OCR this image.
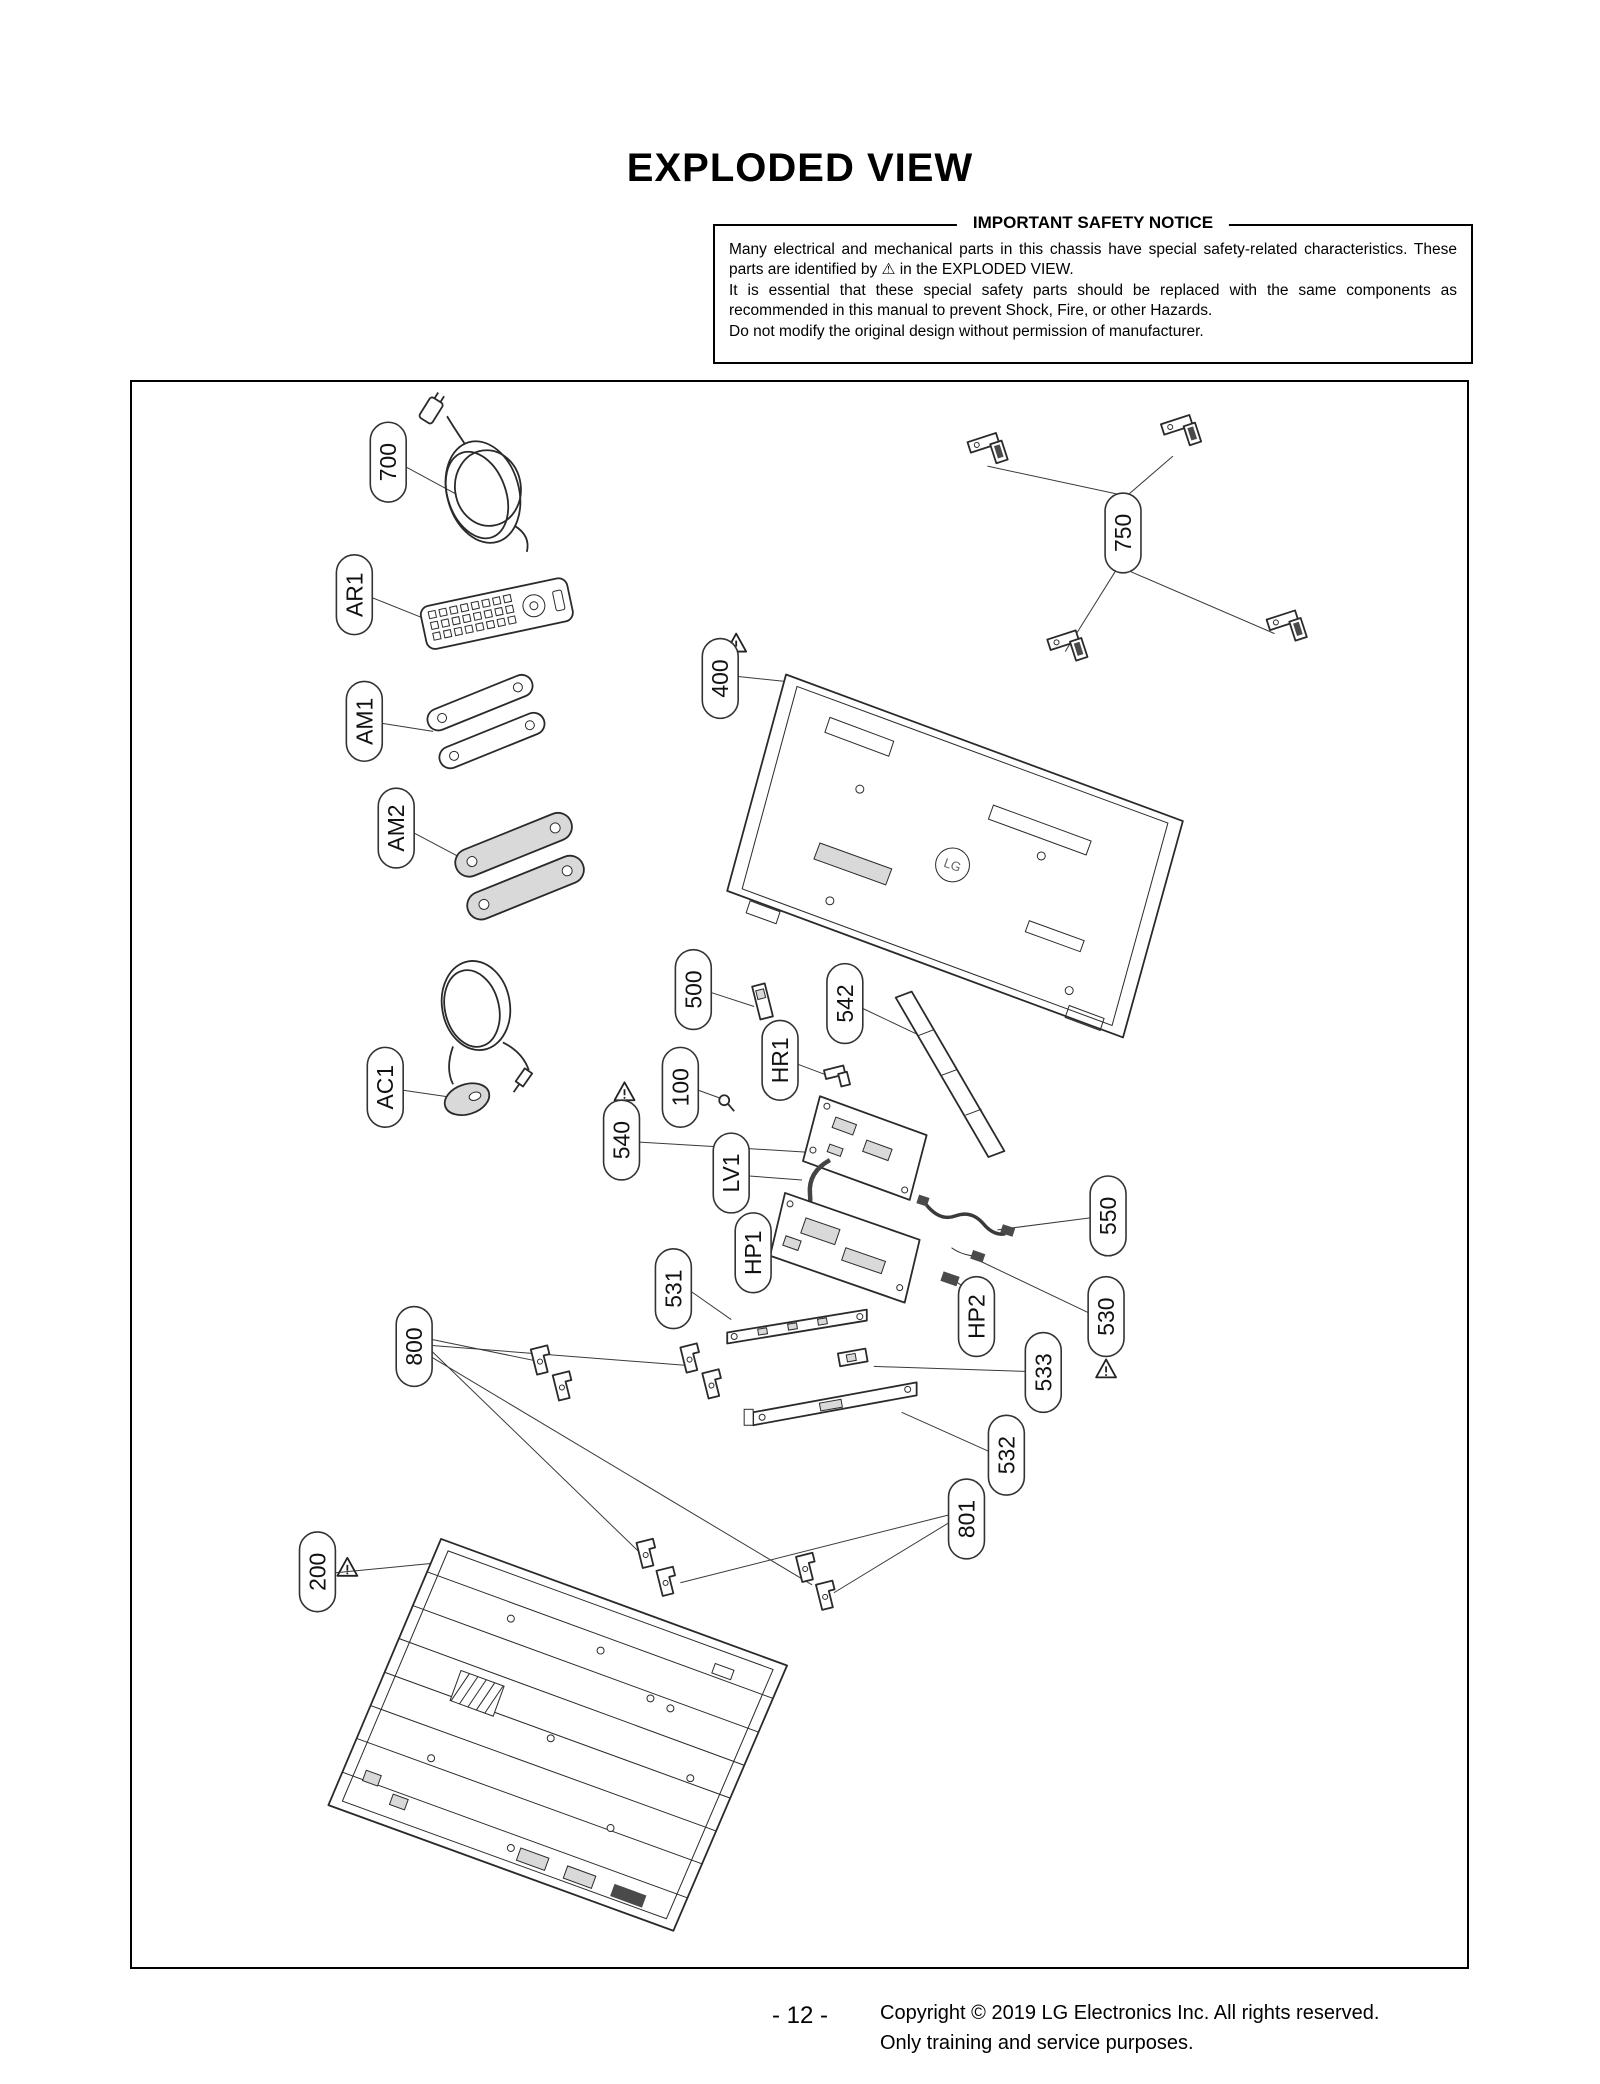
EXPLODED VIEW
IMPORTANT SAFETY NOTICE

Many electrical and mechanical parts in this chassis have special safety-related characteristics. These parts are identified by ⚠ in the EXPLODED VIEW.

It is essential that these special safety parts should be replaced with the same components as recommended in this manual to prevent Shock, Fire, or other Hazards.

Do not modify the original design without permission of manufacturer.

LG
700
AR1
AM1
AM2
AC1
400
750
500	542
HR1
100
540
LV1
HP1
550
HP2	530
533
531
800
532
801
200
- 12 -	Copyright © 2019 LG Electronics Inc. All rights reserved.
Only training and service purposes.
